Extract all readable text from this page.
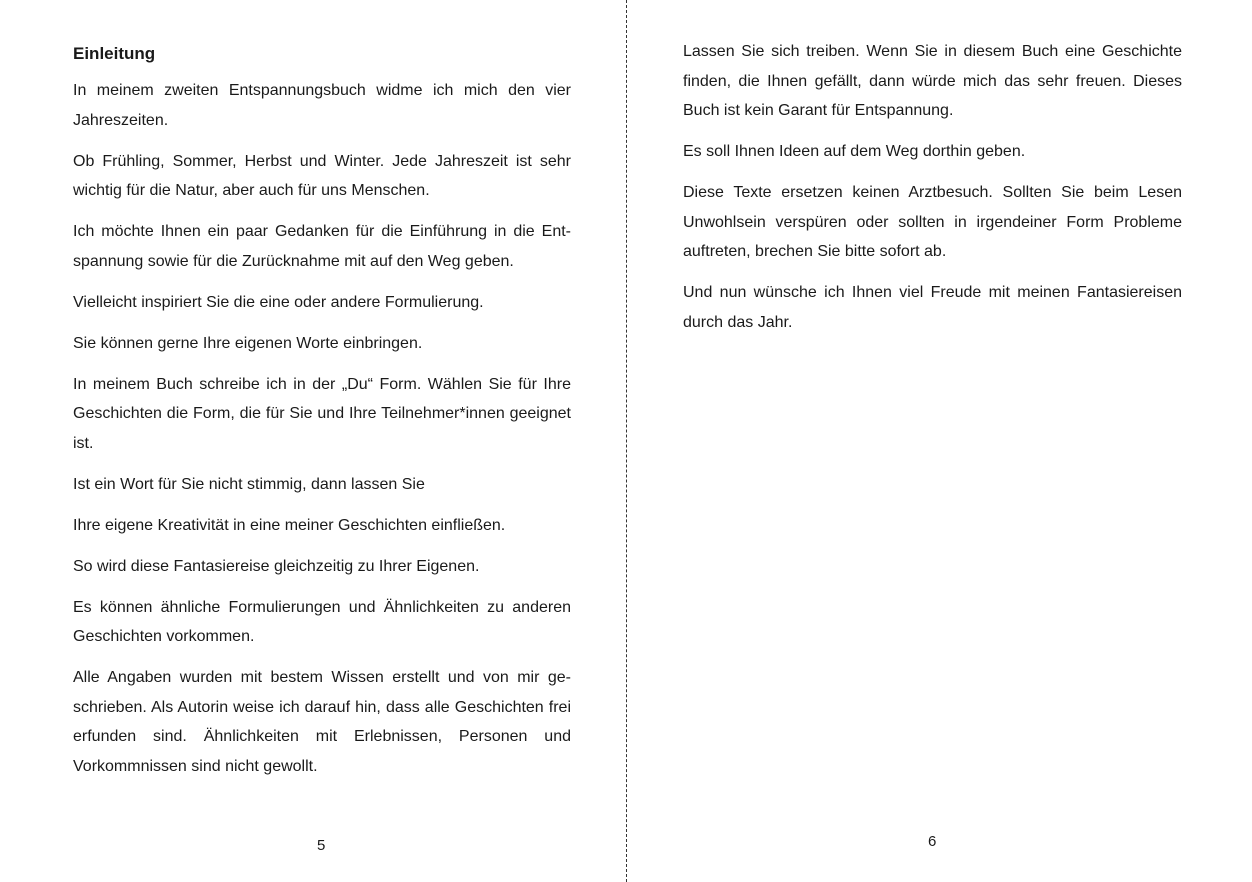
Einleitung

In meinem zweiten Entspannungsbuch widme ich mich den vier Jahreszeiten.

Ob Frühling, Sommer, Herbst und Winter. Jede Jahreszeit ist sehr wichtig für die Natur, aber auch für uns Menschen.

Ich möchte Ihnen ein paar Gedanken für die Einführung in die Entspannung sowie für die Zurücknahme mit auf den Weg geben.

Vielleicht inspiriert Sie die eine oder andere Formulierung.

Sie können gerne Ihre eigenen Worte einbringen.

In meinem Buch schreibe ich in der „Du“ Form. Wählen Sie für Ihre Geschichten die Form, die für Sie und Ihre Teilnehmer*innen geeignet ist.

Ist ein Wort für Sie nicht stimmig, dann lassen Sie

Ihre eigene Kreativität in eine meiner Geschichten einfließen.

So wird diese Fantasiereise gleichzeitig zu Ihrer Eigenen.

Es können ähnliche Formulierungen und Ähnlichkeiten zu anderen Geschichten vorkommen.

Alle Angaben wurden mit bestem Wissen erstellt und von mir geschrieben. Als Autorin weise ich darauf hin, dass alle Geschichten frei erfunden sind. Ähnlichkeiten mit Erlebnissen, Personen und Vorkommnissen sind nicht gewollt.

5

Lassen Sie sich treiben. Wenn Sie in diesem Buch eine Geschichte finden, die Ihnen gefällt, dann würde mich das sehr freuen. Dieses Buch ist kein Garant für Entspannung.

Es soll Ihnen Ideen auf dem Weg dorthin geben.

Diese Texte ersetzen keinen Arztbesuch. Sollten Sie beim Lesen Unwohlsein verspüren oder sollten in irgendeiner Form Probleme auftreten, brechen Sie bitte sofort ab.

Und nun wünsche ich Ihnen viel Freude mit meinen Fantasiereisen durch das Jahr.

6
